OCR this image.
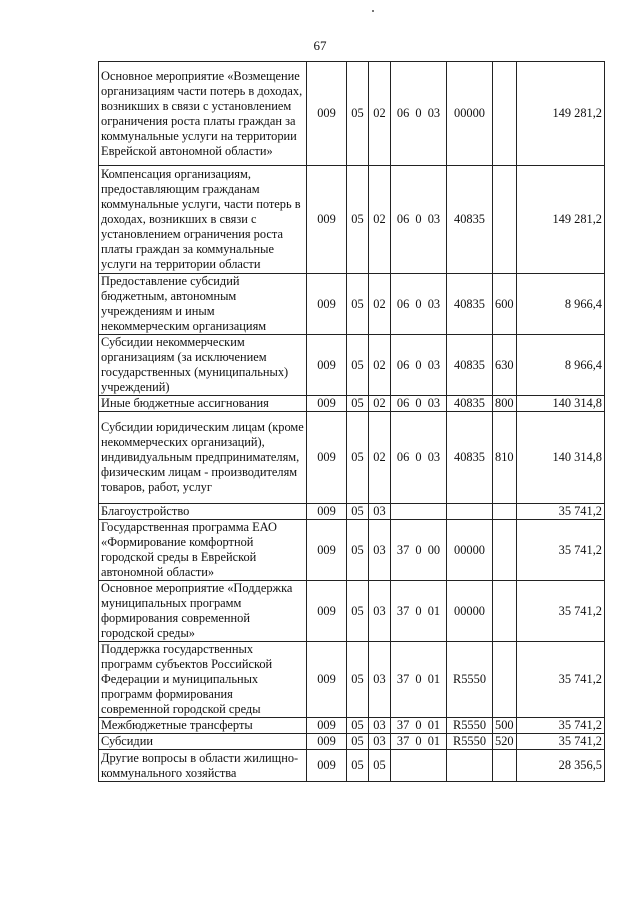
67
Основное мероприятие «Возмещение организациям части потерь в доходах, возникших в связи с установлением ограничения роста платы граждан за коммунальные услуги на территории Еврейской автономной области»	009	05	02	06 0 03	00000		149 281,2
Компенсация организациям, предоставляющим гражданам коммунальные услуги, части потерь в доходах, возникших в связи с установлением ограничения роста платы граждан за коммунальные услуги на территории области	009	05	02	06 0 03	40835		149 281,2
Предоставление субсидий бюджетным, автономным учреждениям и иным некоммерческим организациям	009	05	02	06 0 03	40835	600	8 966,4
Субсидии некоммерческим организациям (за исключением государственных (муниципальных) учреждений)	009	05	02	06 0 03	40835	630	8 966,4
Иные бюджетные ассигнования	009	05	02	06 0 03	40835	800	140 314,8
Субсидии юридическим лицам (кроме некоммерческих организаций), индивидуальным предпринимателям, физическим лицам - производителям товаров, работ, услуг	009	05	02	06 0 03	40835	810	140 314,8
Благоустройство	009	05	03				35 741,2
Государственная программа ЕАО «Формирование комфортной городской среды в Еврейской автономной области»	009	05	03	37 0 00	00000		35 741,2
Основное мероприятие «Поддержка муниципальных программ формирования современной городской среды»	009	05	03	37 0 01	00000		35 741,2
Поддержка государственных программ субъектов Российской Федерации и муниципальных программ формирования современной городской среды	009	05	03	37 0 01	R5550		35 741,2
Межбюджетные трансферты	009	05	03	37 0 01	R5550	500	35 741,2
Субсидии	009	05	03	37 0 01	R5550	520	35 741,2
Другие вопросы в области жилищно-коммунального хозяйства	009	05	05				28 356,5
